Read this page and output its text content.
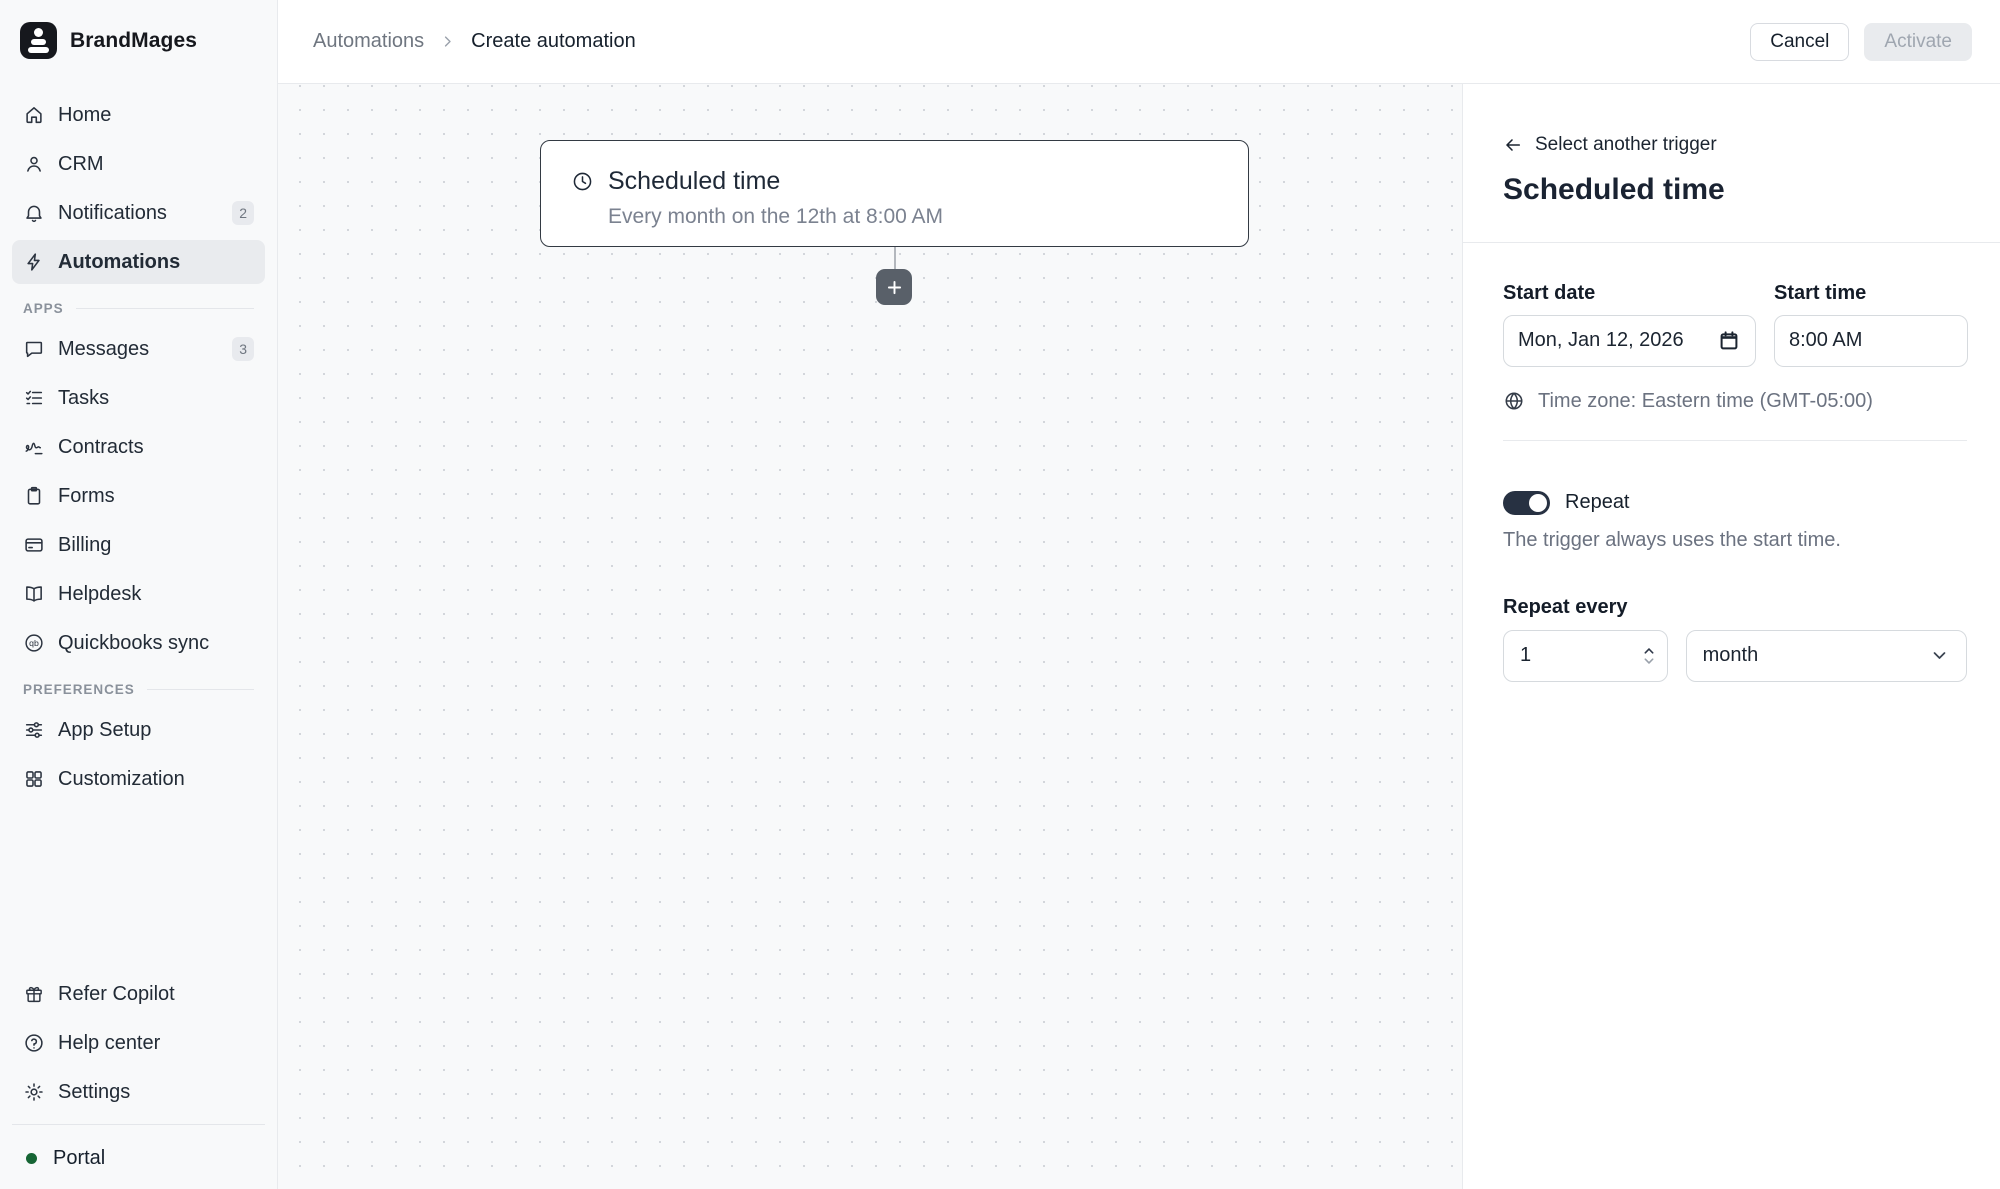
BrandMages
Home
CRM
Notifications	2
Automations
APPS
Messages	3
Tasks
Contracts
Forms
Billing
Helpdesk
qb Quickbooks sync
PREFERENCES
App Setup
Customization
Refer Copilot
Help center
Settings
Portal
Automations Create automation	Cancel	Activate
Scheduled time
Every month on the 12th at 8:00 AM
Select another trigger
Scheduled time
Start date
Mon, Jan 12, 2026	Start time
8:00 AM
Time zone: Eastern time (GMT-05:00)
Repeat
The trigger always uses the start time.
Repeat every
1
month
